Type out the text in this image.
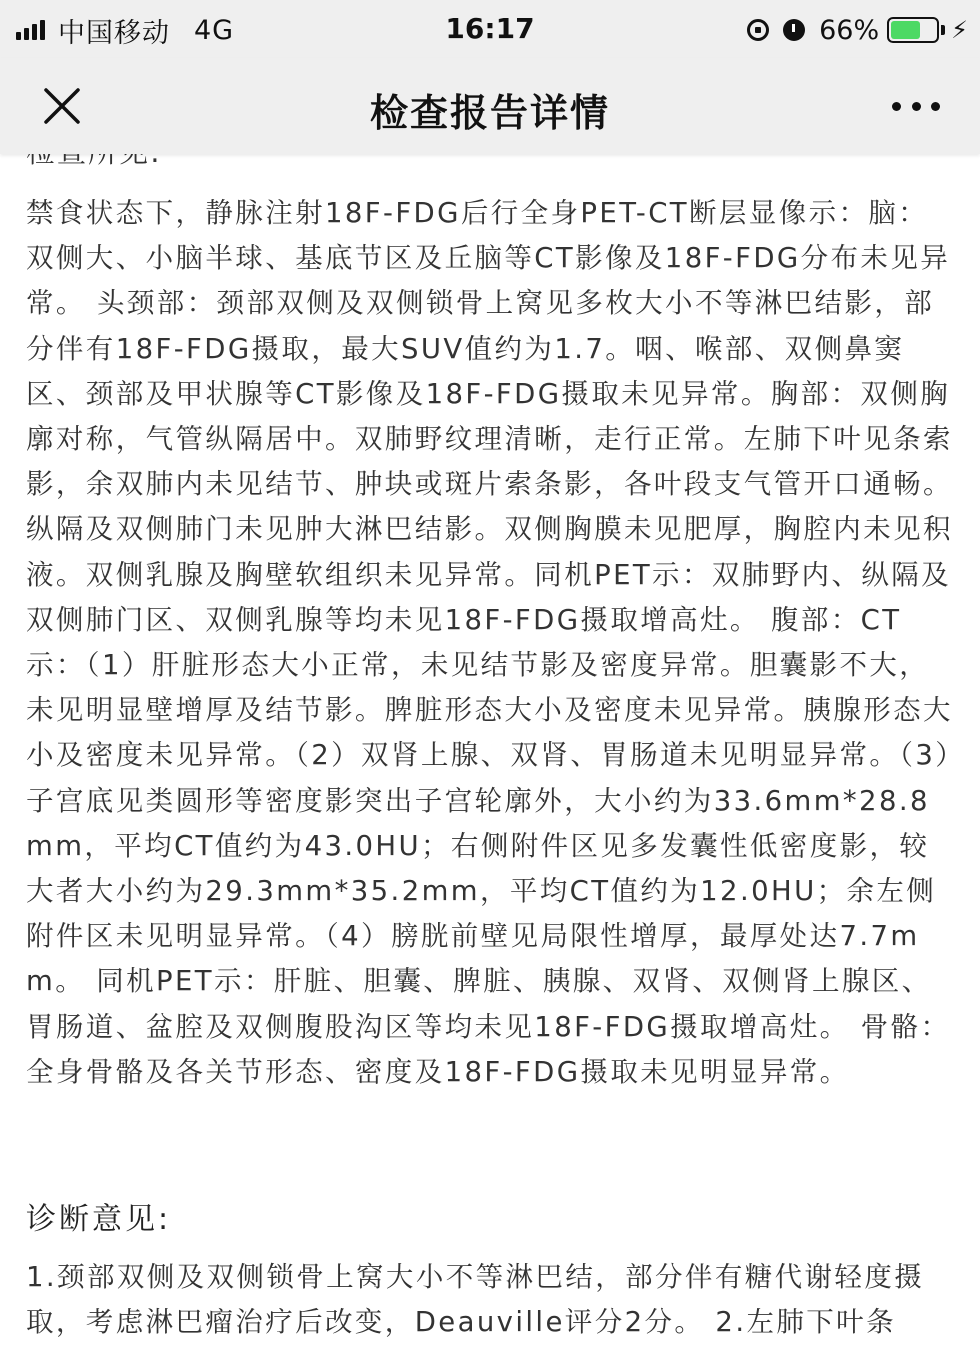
中国移动 4G	16:17	66%	⚡
检查报告详情

禁食状态下，静脉注射18F-FDG后行全身PET-CT断层显像示：脑：双侧大、小脑半球、基底节区及丘脑等CT影像及18F-FDG分布未见异常。 头颈部：颈部双侧及双侧锁骨上窝见多枚大小不等淋巴结影，部分伴有18F-FDG摄取，最大SUV值约为1.7。咽、喉部、双侧鼻窦区、颈部及甲状腺等CT影像及18F-FDG摄取未见异常。胸部：双侧胸廓对称，气管纵隔居中。双肺野纹理清晰，走行正常。左肺下叶见条索影，余双肺内未见结节、肿块或斑片索条影，各叶段支气管开口通畅。纵隔及双侧肺门未见肿大淋巴结影。双侧胸膜未见肥厚，胸腔内未见积液。双侧乳腺及胸壁软组织未见异常。同机PET示：双肺野内、纵隔及双侧肺门区、双侧乳腺等均未见18F-FDG摄取增高灶。 腹部：CT示：（1）肝脏形态大小正常，未见结节影及密度异常。胆囊影不大，未见明显壁增厚及结节影。脾脏形态大小及密度未见异常。胰腺形态大小及密度未见异常。（2）双肾上腺、双肾、胃肠道未见明显异常。（3）子宫底见类圆形等密度影突出子宫轮廓外，大小约为33.6mm*28.8mm，平均CT值约为43.0HU；右侧附件区见多发囊性低密度影，较大者大小约为29.3mm*35.2mm，平均CT值约为12.0HU；余左侧附件区未见明显异常。（4）膀胱前壁见局限性增厚，最厚处达7.7mm。 同机PET示：肝脏、胆囊、脾脏、胰腺、双肾、双侧肾上腺区、胃肠道、盆腔及双侧腹股沟区等均未见18F-FDG摄取增高灶。 骨骼：全身骨骼及各关节形态、密度及18F-FDG摄取未见明显异常。

诊断意见:

1.颈部双侧及双侧锁骨上窝大小不等淋巴结，部分伴有糖代谢轻度摄取，考虑淋巴瘤治疗后改变，Deauville评分2分。 2.左肺下叶条
